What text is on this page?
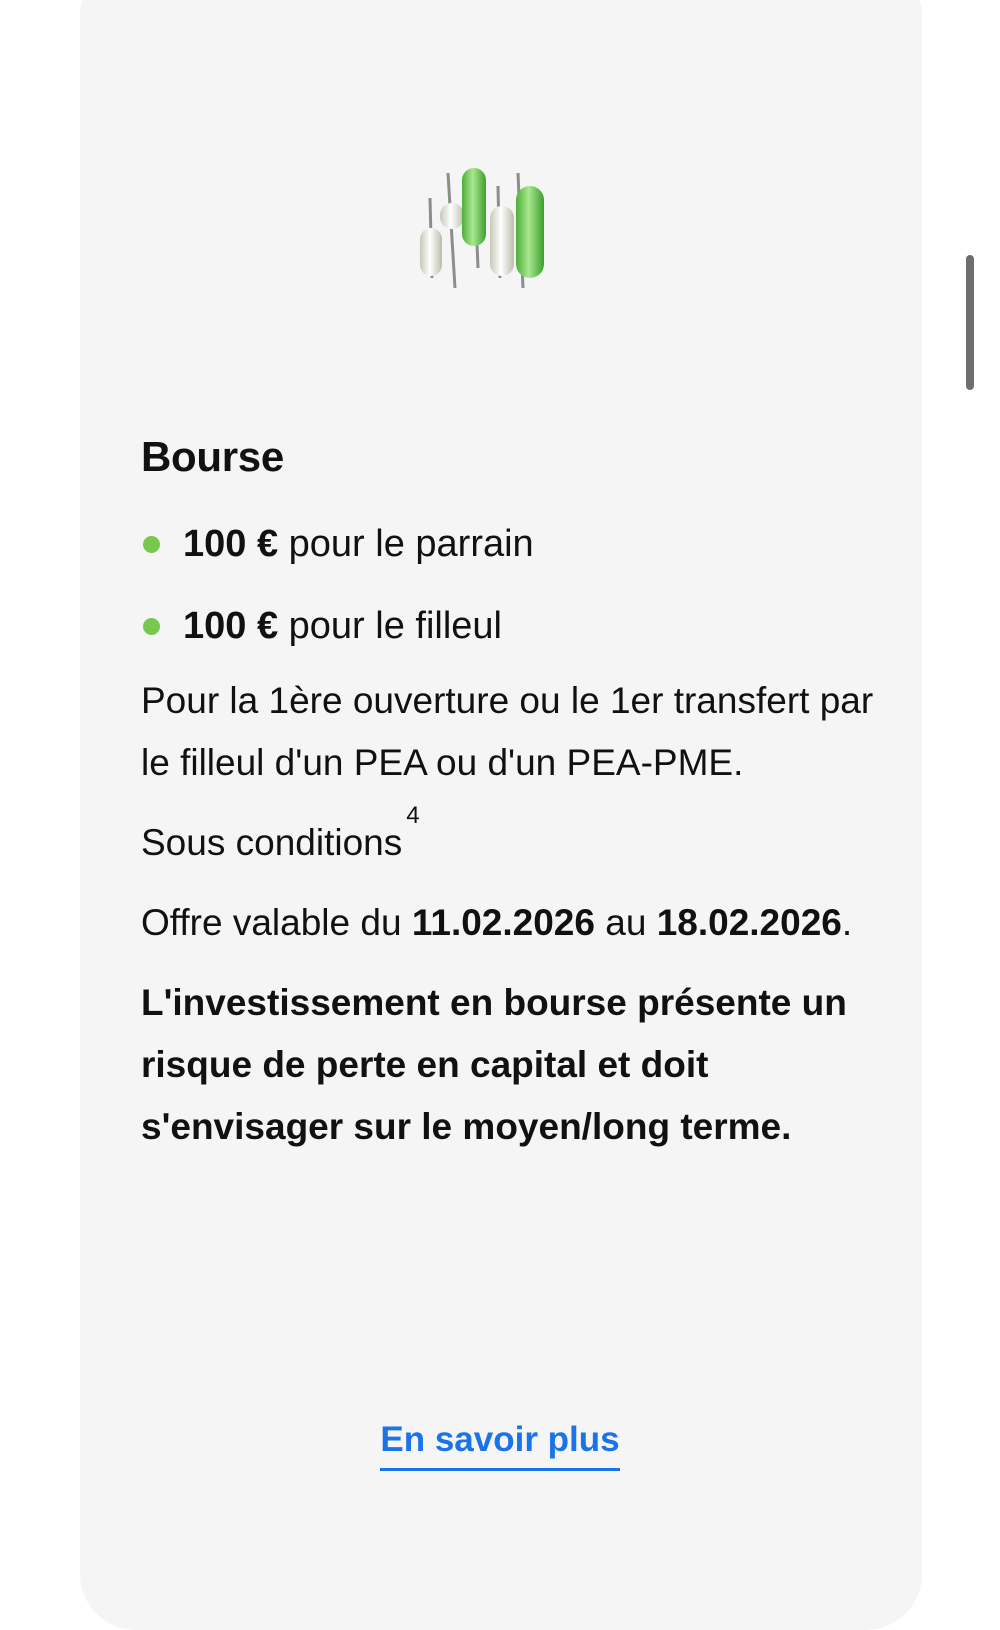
Bourse
100 € pour le parrain
100 € pour le filleul

Pour la 1ère ouverture ou le 1er transfert par le filleul d'un PEA ou d'un PEA-PME.

Sous conditions$^4$

Offre valable du 11.02.2026 au 18.02.2026.

L'investissement en bourse présente un risque de perte en capital et doit s'envisager sur le moyen/long terme.

En savoir plus
